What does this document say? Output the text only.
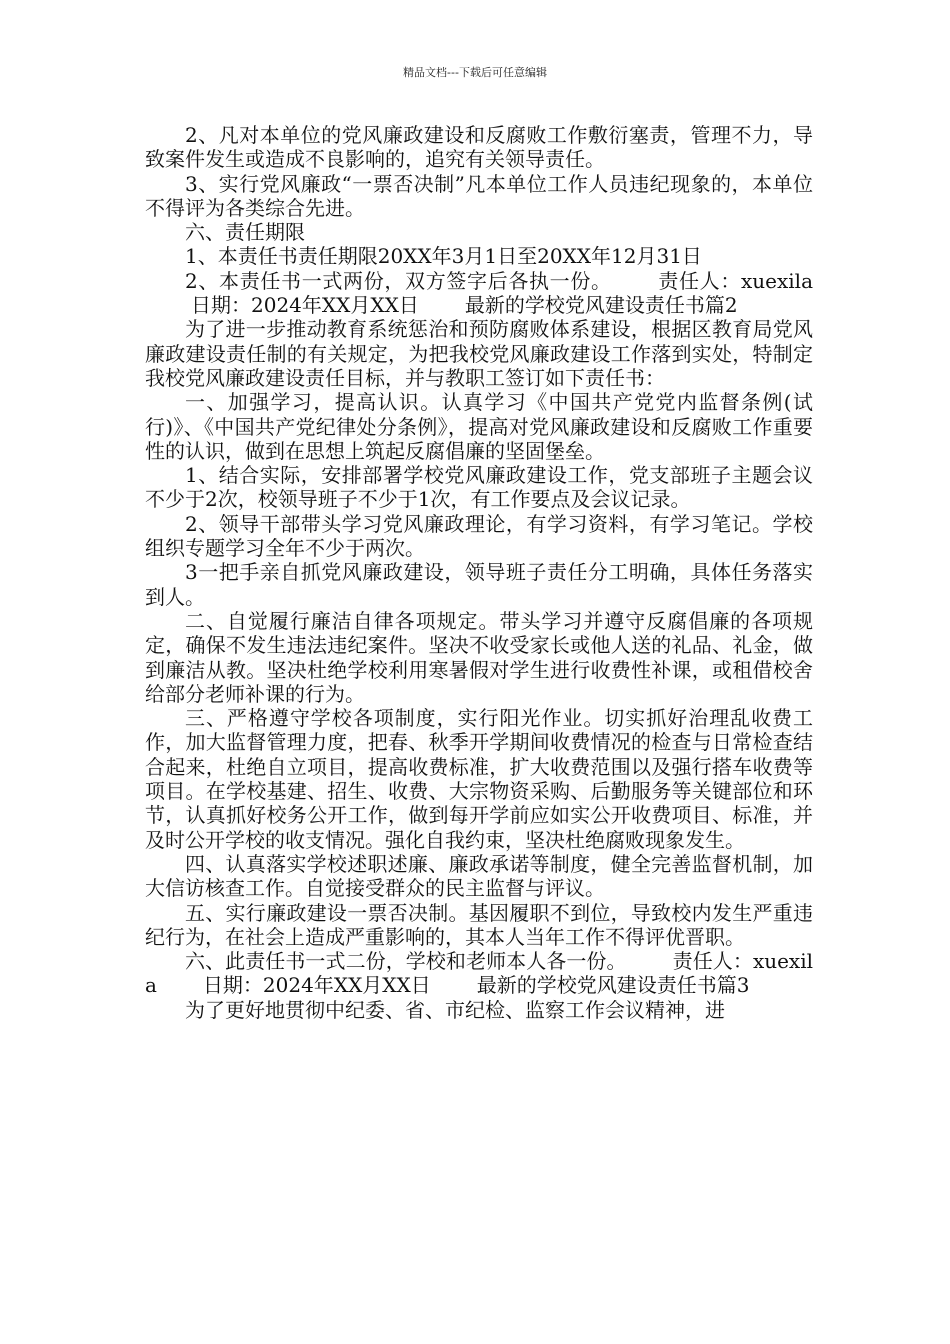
精品文档---下载后可任意编辑

2、凡对本单位的党风廉政建设和反腐败工作敷衍塞责，管理不力，导致案件发生或造成不良影响的，追究有关领导责任。

3、实行党风廉政“一票否决制”凡本单位工作人员违纪现象的，本单位不得评为各类综合先进。

六、责任期限

1、本责任书责任期限20XX年3月1日至20XX年12月31日

2、本责任书一式两份，双方签字后各执一份。 责任人：xuexila日期：2024年XX月XX日 最新的学校党风建设责任书篇2

为了进一步推动教育系统惩治和预防腐败体系建设，根据区教育局党风廉政建设责任制的有关规定，为把我校党风廉政建设工作落到实处，特制定我校党风廉政建设责任目标，并与教职工签订如下责任书：

一、加强学习，提高认识。认真学习《中国共产党党内监督条例(试行)》、《中国共产党纪律处分条例》，提高对党风廉政建设和反腐败工作重要性的认识，做到在思想上筑起反腐倡廉的坚固堡垒。

1、结合实际，安排部署学校党风廉政建设工作，党支部班子主题会议不少于2次，校领导班子不少于1次，有工作要点及会议记录。

2、领导干部带头学习党风廉政理论，有学习资料，有学习笔记。学校组织专题学习全年不少于两次。

3一把手亲自抓党风廉政建设，领导班子责任分工明确，具体任务落实到人。

二、自觉履行廉洁自律各项规定。带头学习并遵守反腐倡廉的各项规定，确保不发生违法违纪案件。坚决不收受家长或他人送的礼品、礼金，做到廉洁从教。坚决杜绝学校利用寒暑假对学生进行收费性补课，或租借校舍给部分老师补课的行为。

三、严格遵守学校各项制度，实行阳光作业。切实抓好治理乱收费工作，加大监督管理力度，把春、秋季开学期间收费情况的检查与日常检查结合起来，杜绝自立项目，提高收费标准，扩大收费范围以及强行搭车收费等项目。在学校基建、招生、收费、大宗物资采购、后勤服务等关键部位和环节，认真抓好校务公开工作，做到每开学前应如实公开收费项目、标准，并及时公开学校的收支情况。强化自我约束，坚决杜绝腐败现象发生。

四、认真落实学校述职述廉、廉政承诺等制度，健全完善监督机制，加大信访核查工作。自觉接受群众的民主监督与评议。

五、实行廉政建设一票否决制。基因履职不到位，导致校内发生严重违纪行为，在社会上造成严重影响的，其本人当年工作不得评优晋职。

六、此责任书一式二份，学校和老师本人各一份。 责任人：xuexila 日期：2024年XX月XX日 最新的学校党风建设责任书篇3

为了更好地贯彻中纪委、省、市纪检、监察工作会议精神，进
